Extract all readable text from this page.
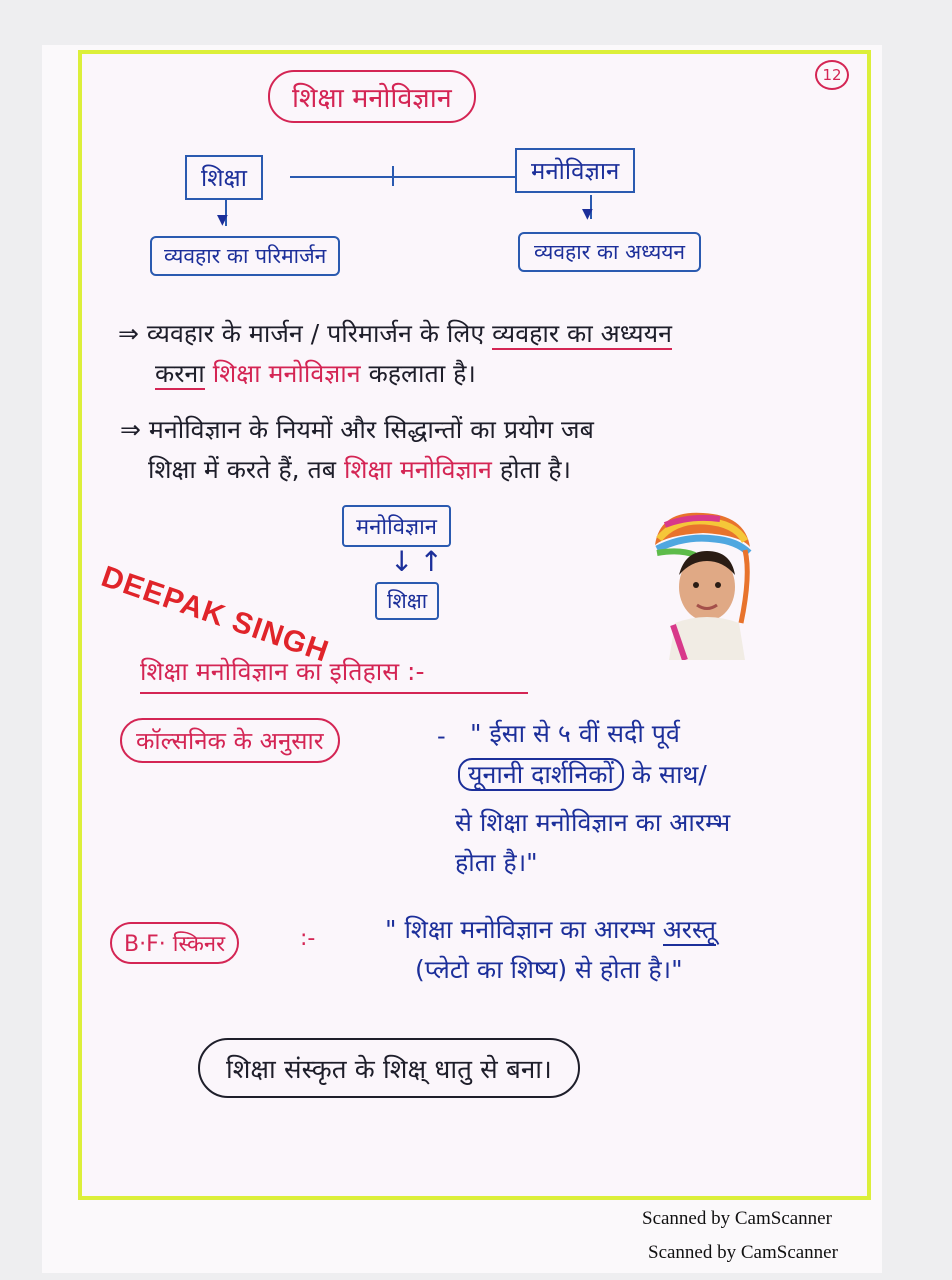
12
शिक्षा मनोविज्ञान
शिक्षा	मनोविज्ञान
▼	▼
व्यवहार का परिमार्जन	व्यवहार का अध्ययन
⇒ व्यवहार के मार्जन / परिमार्जन के लिए व्यवहार का अध्ययन
करना शिक्षा मनोविज्ञान कहलाता है।
⇒ मनोविज्ञान के नियमों और सिद्धान्तों का प्रयोग जब
शिक्षा में करते हैं, तब शिक्षा मनोविज्ञान होता है।
मनोविज्ञान
↓↑
शिक्षा
DEEPAK SINGH
शिक्षा मनोविज्ञान का इतिहास :-
कॉल्सनिक के अनुसार	- " ईसा से ५ वीं सदी पूर्व
यूनानी दार्शनिकों के साथ/
से शिक्षा मनोविज्ञान का आरम्भ
होता है।"
B·F· स्किनर	:-	" शिक्षा मनोविज्ञान का आरम्भ अरस्तू
(प्लेटो का शिष्य) से होता है।"
शिक्षा संस्कृत के शिक्ष् धातु से बना।
Scanned by CamScanner
Scanned by CamScanner
